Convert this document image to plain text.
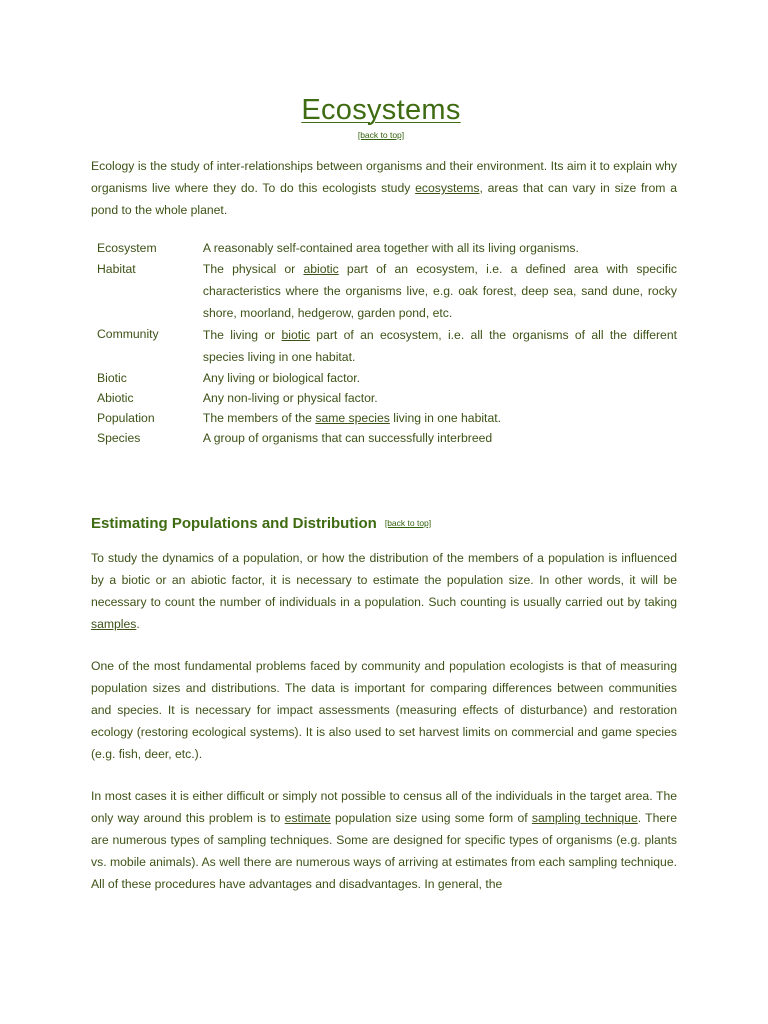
Ecosystems
[back to top]

Ecology is the study of inter-relationships between organisms and their environment. Its aim it to explain why organisms live where they do. To do this ecologists study ecosystems, areas that can vary in size from a pond to the whole planet.

Ecosystem	A reasonably self-contained area together with all its living organisms.
Habitat	The physical or abiotic part of an ecosystem, i.e. a defined area with specific characteristics where the organisms live, e.g. oak forest, deep sea, sand dune, rocky shore, moorland, hedgerow, garden pond, etc.
Community	The living or biotic part of an ecosystem, i.e. all the organisms of all the different species living in one habitat.
Biotic	Any living or biological factor.
Abiotic	Any non-living or physical factor.
Population	The members of the same species living in one habitat.
Species	A group of organisms that can successfully interbreed
Estimating Populations and Distribution [back to top]

To study the dynamics of a population, or how the distribution of the members of a population is influenced by a biotic or an abiotic factor, it is necessary to estimate the population size. In other words, it will be necessary to count the number of individuals in a population. Such counting is usually carried out by taking samples.

One of the most fundamental problems faced by community and population ecologists is that of measuring population sizes and distributions. The data is important for comparing differences between communities and species. It is necessary for impact assessments (measuring effects of disturbance) and restoration ecology (restoring ecological systems). It is also used to set harvest limits on commercial and game species (e.g. fish, deer, etc.).

In most cases it is either difficult or simply not possible to census all of the individuals in the target area. The only way around this problem is to estimate population size using some form of sampling technique. There are numerous types of sampling techniques. Some are designed for specific types of organisms (e.g. plants vs. mobile animals). As well there are numerous ways of arriving at estimates from each sampling technique. All of these procedures have advantages and disadvantages. In general, the
